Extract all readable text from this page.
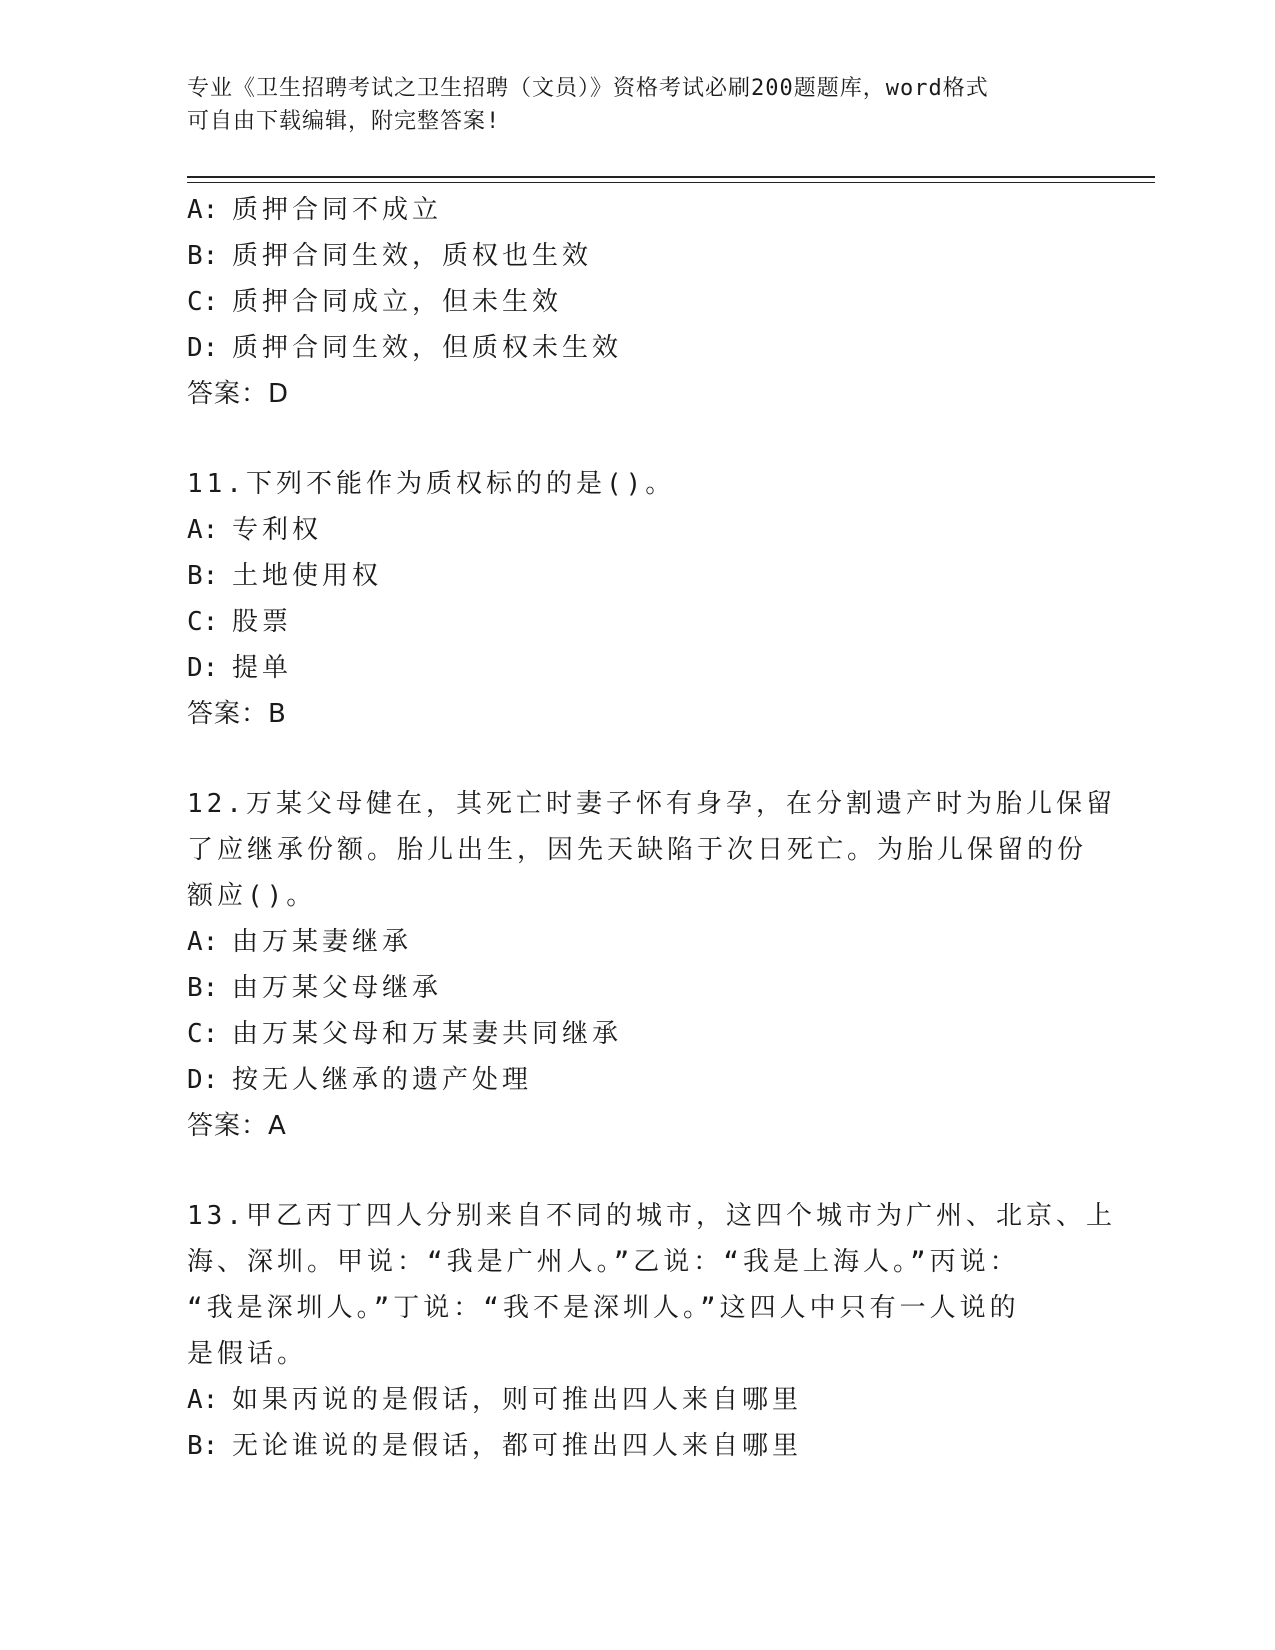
专业《卫生招聘考试之卫生招聘（文员）》资格考试必刷200题题库，word格式
可自由下载编辑，附完整答案!
A: 质押合同不成立
B: 质押合同生效，质权也生效
C: 质押合同成立，但未生效
D: 质押合同生效，但质权未生效
答案：D
11.下列不能作为质权标的的是()。
A: 专利权
B: 土地使用权
C: 股票
D: 提单
答案：B
12.万某父母健在，其死亡时妻子怀有身孕，在分割遗产时为胎儿保留
了应继承份额。胎儿出生，因先天缺陷于次日死亡。为胎儿保留的份
额应()。
A: 由万某妻继承
B: 由万某父母继承
C: 由万某父母和万某妻共同继承
D: 按无人继承的遗产处理
答案：A
13.甲乙丙丁四人分别来自不同的城市，这四个城市为广州、北京、上
海、深圳。甲说：“我是广州人。”乙说：“我是上海人。”丙说：
“我是深圳人。”丁说：“我不是深圳人。”这四人中只有一人说的
是假话。
A: 如果丙说的是假话，则可推出四人来自哪里
B: 无论谁说的是假话，都可推出四人来自哪里
